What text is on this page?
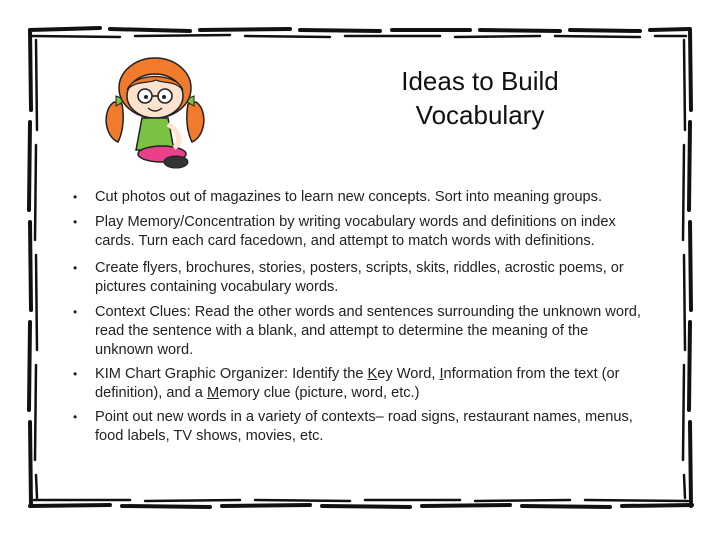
Ideas to Build
Vocabulary
• Cut photos out of magazines to learn new concepts. Sort into meaning groups.
• Play Memory/Concentration by writing vocabulary words and definitions on index cards. Turn each card facedown, and attempt to match words with definitions.
• Create flyers, brochures, stories, posters, scripts, skits, riddles, acrostic poems, or pictures containing vocabulary words.
• Context Clues: Read the other words and sentences surrounding the unknown word, read the sentence with a blank, and attempt to determine the meaning of the unknown word.
• KIM Chart Graphic Organizer: Identify the Key Word, Information from the text (or definition), and a Memory clue (picture, word, etc.)
• Point out new words in a variety of contexts– road signs, restaurant names, menus, food labels, TV shows, movies, etc.
